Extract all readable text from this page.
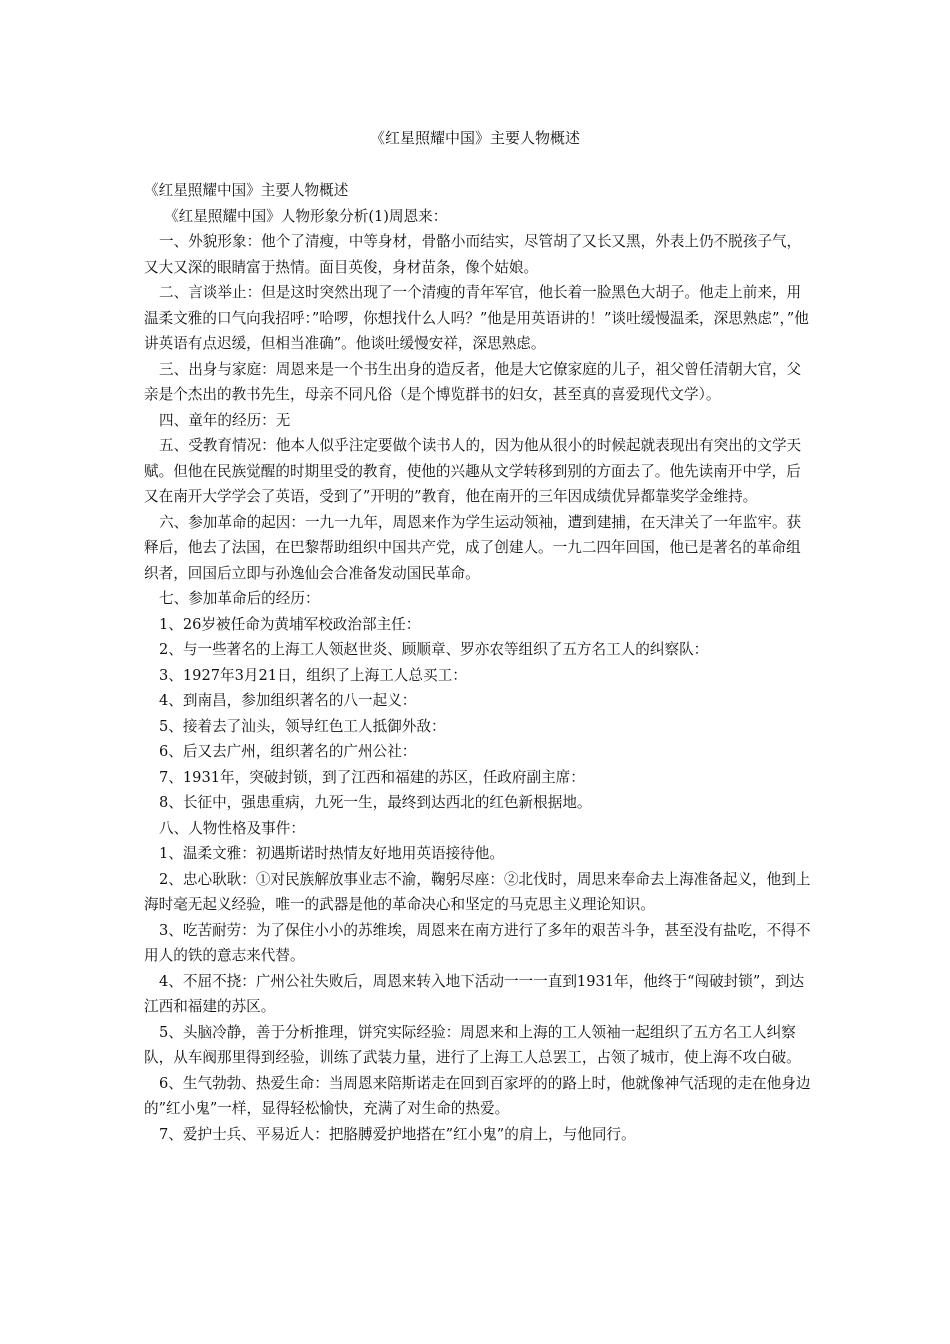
《红星照耀中国》主要人物概述

《红星照耀中国》主要人物概述

《红星照耀中国》人物形象分析(1)周恩来：

一、外貌形象：他个了清瘦，中等身材，骨骼小而结实，尽管胡了又长又黑，外表上仍不脱孩子气，又大又深的眼睛富于热情。面目英俊，身材苗条，像个姑娘。

二、言谈举止：但是这时突然出现了一个清瘦的青年军官，他长着一脸黑色大胡子。他走上前来，用温柔文雅的口气向我招呼：”哈啰，你想找什么人吗？”他是用英语讲的！”谈吐缓慢温柔，深思熟虑”，”他讲英语有点迟缓，但相当准确”。他谈吐缓慢安祥，深思熟虑。

三、出身与家庭：周恩来是一个书生出身的造反者，他是大它僚家庭的儿子，祖父曾任清朝大官，父亲是个杰出的教书先生，母亲不同凡俗（是个博览群书的妇女，甚至真的喜爱现代文学）。

四、童年的经历：无

五、受教育情况：他本人似乎注定要做个读书人的，因为他从很小的时候起就表现出有突出的文学天赋。但他在民族觉醒的时期里受的教育，使他的兴趣从文学转移到别的方面去了。他先读南开中学，后又在南开大学学会了英语，受到了”开明的”教育，他在南开的三年因成绩优异都靠奖学金维持。

六、参加革命的起因：一九一九年，周恩来作为学生运动领袖，遭到建捕，在天津关了一年监牢。获释后，他去了法国，在巴黎帮助组织中国共产党，成了创建人。一九二四年回国，他已是著名的革命组织者，回国后立即与孙逸仙会合准备发动国民革命。

七、参加革命后的经历：

1、26岁被任命为黄埔军校政治部主任：

2、与一些著名的上海工人领赵世炎、顾顺章、罗亦农等组织了五方名工人的纠察队：

3、1927年3月21日，组织了上海工人总买工：

4、到南昌，参加组织著名的八一起义：

5、接着去了汕头，领导红色工人抵御外敌：

6、后又去广州，组织著名的广州公社：

7、1931年，突破封锁，到了江西和福建的苏区，任政府副主席：

8、长征中，强患重病，九死一生，最终到达西北的红色新根据地。

八、人物性格及事件：

1、温柔文雅：初遇斯诺时热情友好地用英语接待他。

2、忠心耿耿：①对民族解放事业志不渝，鞠躬尽座：②北伐时，周思来奉命去上海准备起义，他到上海时毫无起义经验，唯一的武器是他的革命决心和坚定的马克思主义理论知识。

3、吃苦耐劳：为了保住小小的苏维埃，周恩来在南方进行了多年的艰苦斗争，甚至没有盐吃，不得不用人的铁的意志来代替。

4、不屈不挠：广州公社失败后，周恩来转入地下活动一一一直到1931年，他终于“闯破封锁”，到达江西和福建的苏区。

5、头脑冷静，善于分析推理，饼究实际经验：周恩来和上海的工人领袖一起组织了五方名工人纠察队，从车阀那里得到经验，训练了武装力量，进行了上海工人总罢工，占领了城市，使上海不攻白破。

6、生气勃勃、热爱生命：当周恩来陪斯诺走在回到百家坪的的路上时，他就像神气活现的走在他身边的”红小鬼”一样，显得轻松愉快，充满了对生命的热爱。

7、爱护士兵、平易近人：把胳膊爱护地搭在”红小鬼”的肩上，与他同行。
